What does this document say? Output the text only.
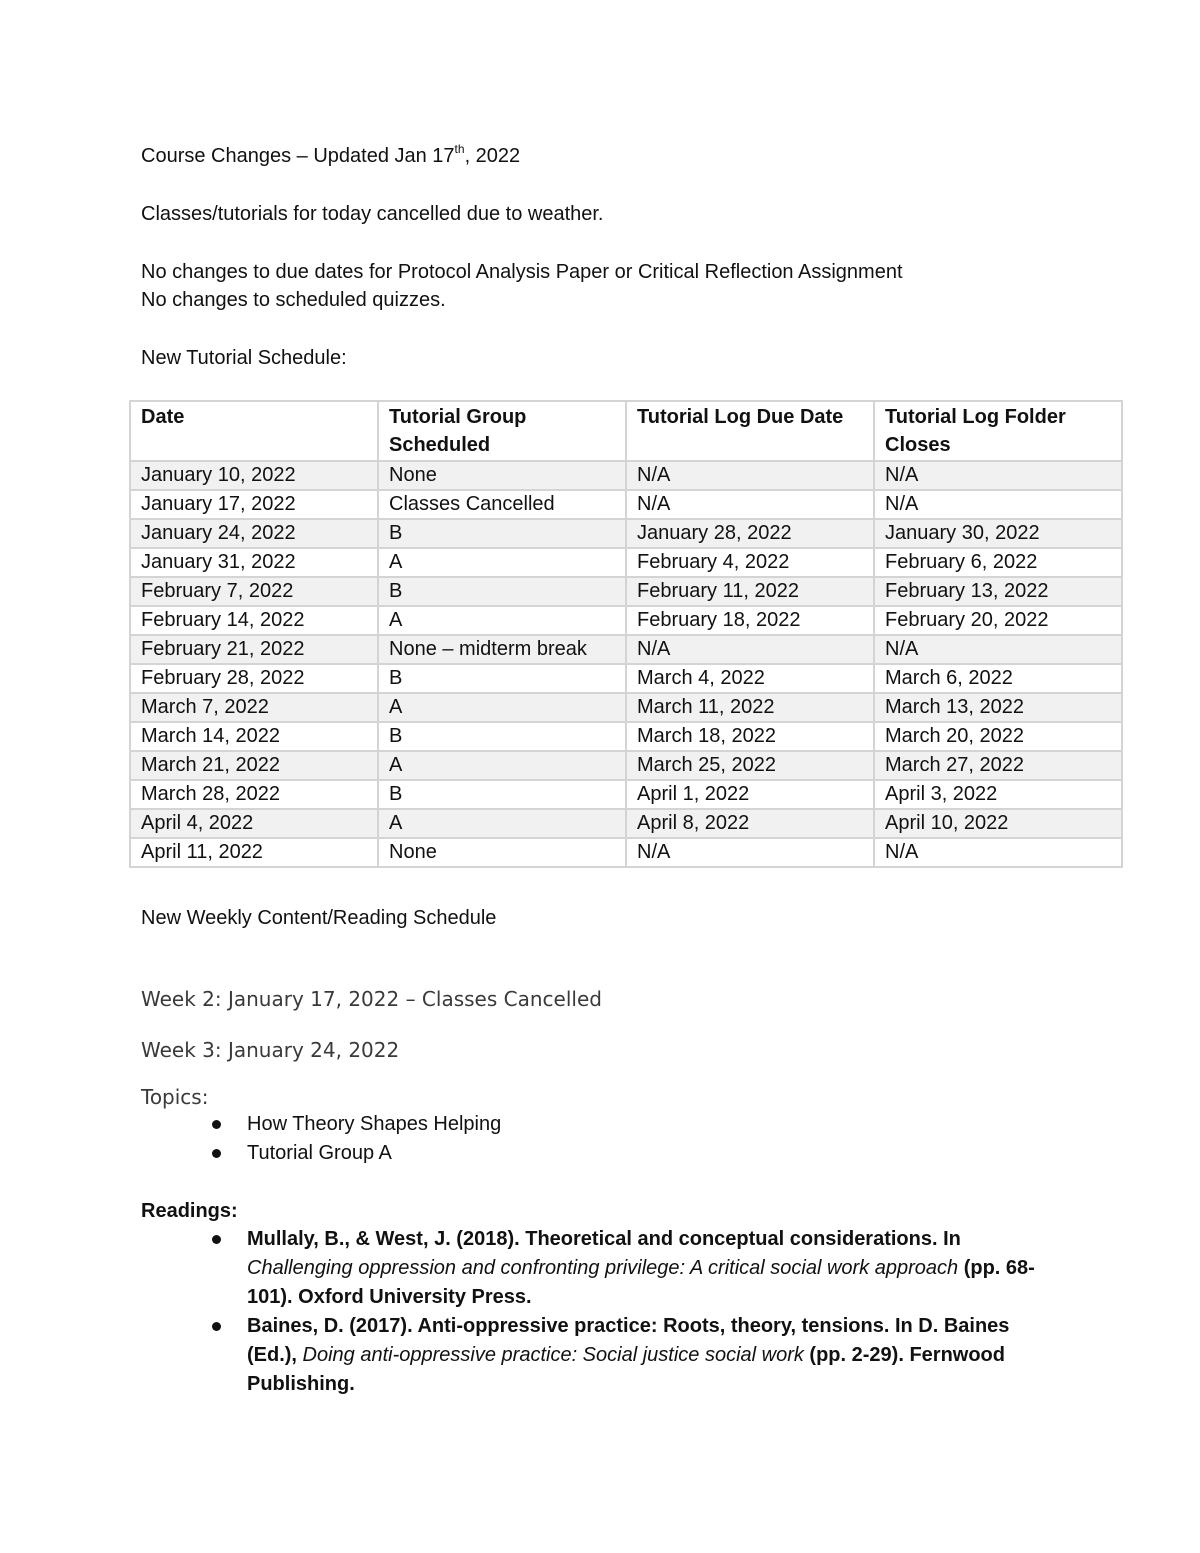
Course Changes – Updated Jan 17th, 2022
Classes/tutorials for today cancelled due to weather.
No changes to due dates for Protocol Analysis Paper or Critical Reflection Assignment
No changes to scheduled quizzes.
New Tutorial Schedule:
Date	Tutorial Group Scheduled	Tutorial Log Due Date	Tutorial Log Folder Closes
January 10, 2022	None	N/A	N/A
January 17, 2022	Classes Cancelled	N/A	N/A
January 24, 2022	B	January 28, 2022	January 30, 2022
January 31, 2022	A	February 4, 2022	February 6, 2022
February 7, 2022	B	February 11, 2022	February 13, 2022
February 14, 2022	A	February 18, 2022	February 20, 2022
February 21, 2022	None – midterm break	N/A	N/A
February 28, 2022	B	March 4, 2022	March 6, 2022
March 7, 2022	A	March 11, 2022	March 13, 2022
March 14, 2022	B	March 18, 2022	March 20, 2022
March 21, 2022	A	March 25, 2022	March 27, 2022
March 28, 2022	B	April 1, 2022	April 3, 2022
April 4, 2022	A	April 8, 2022	April 10, 2022
April 11, 2022	None	N/A	N/A
New Weekly Content/Reading Schedule
Week 2: January 17, 2022 – Classes Cancelled
Week 3: January 24, 2022
Topics:
How Theory Shapes Helping
Tutorial Group A
Readings:
Mullaly, B., & West, J. (2018). Theoretical and conceptual considerations. In Challenging oppression and confronting privilege: A critical social work approach (pp. 68-101). Oxford University Press.
Baines, D. (2017). Anti-oppressive practice: Roots, theory, tensions. In D. Baines (Ed.), Doing anti-oppressive practice: Social justice social work (pp. 2-29). Fernwood Publishing.
